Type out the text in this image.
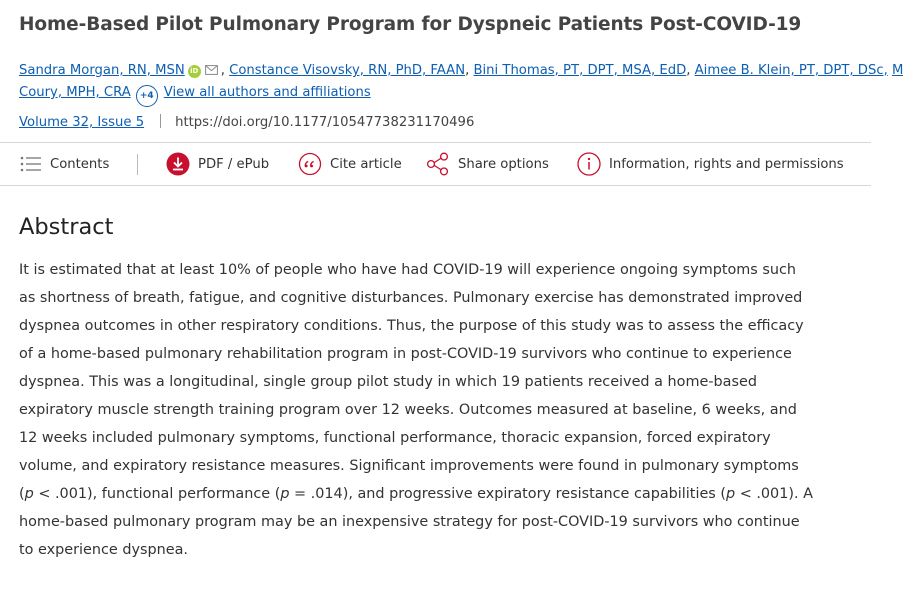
Home-Based Pilot Pulmonary Program for Dyspneic Patients Post-COVID-19
Sandra Morgan, RN, MSN iD , Constance Visovsky, RN, PhD, FAAN, Bini Thomas, PT, DPT, MSA, EdD, Aimee B. Klein, PT, DPT, DSc, M
Coury, MPH, CRA +4 View all authors and affiliations
Volume 32, Issue 5 https://doi.org/10.1177/10547738231170496
Contents	PDF / ePub	Cite article	Share options	Information, rights and permissions
Abstract
It is estimated that at least 10% of people who have had COVID-19 will experience ongoing symptoms such
as shortness of breath, fatigue, and cognitive disturbances. Pulmonary exercise has demonstrated improved
dyspnea outcomes in other respiratory conditions. Thus, the purpose of this study was to assess the efficacy
of a home-based pulmonary rehabilitation program in post-COVID-19 survivors who continue to experience
dyspnea. This was a longitudinal, single group pilot study in which 19 patients received a home-based
expiratory muscle strength training program over 12 weeks. Outcomes measured at baseline, 6 weeks, and
12 weeks included pulmonary symptoms, functional performance, thoracic expansion, forced expiratory
volume, and expiratory resistance measures. Significant improvements were found in pulmonary symptoms
(p < .001), functional performance (p = .014), and progressive expiratory resistance capabilities (p < .001). A
home-based pulmonary program may be an inexpensive strategy for post-COVID-19 survivors who continue
to experience dyspnea.
